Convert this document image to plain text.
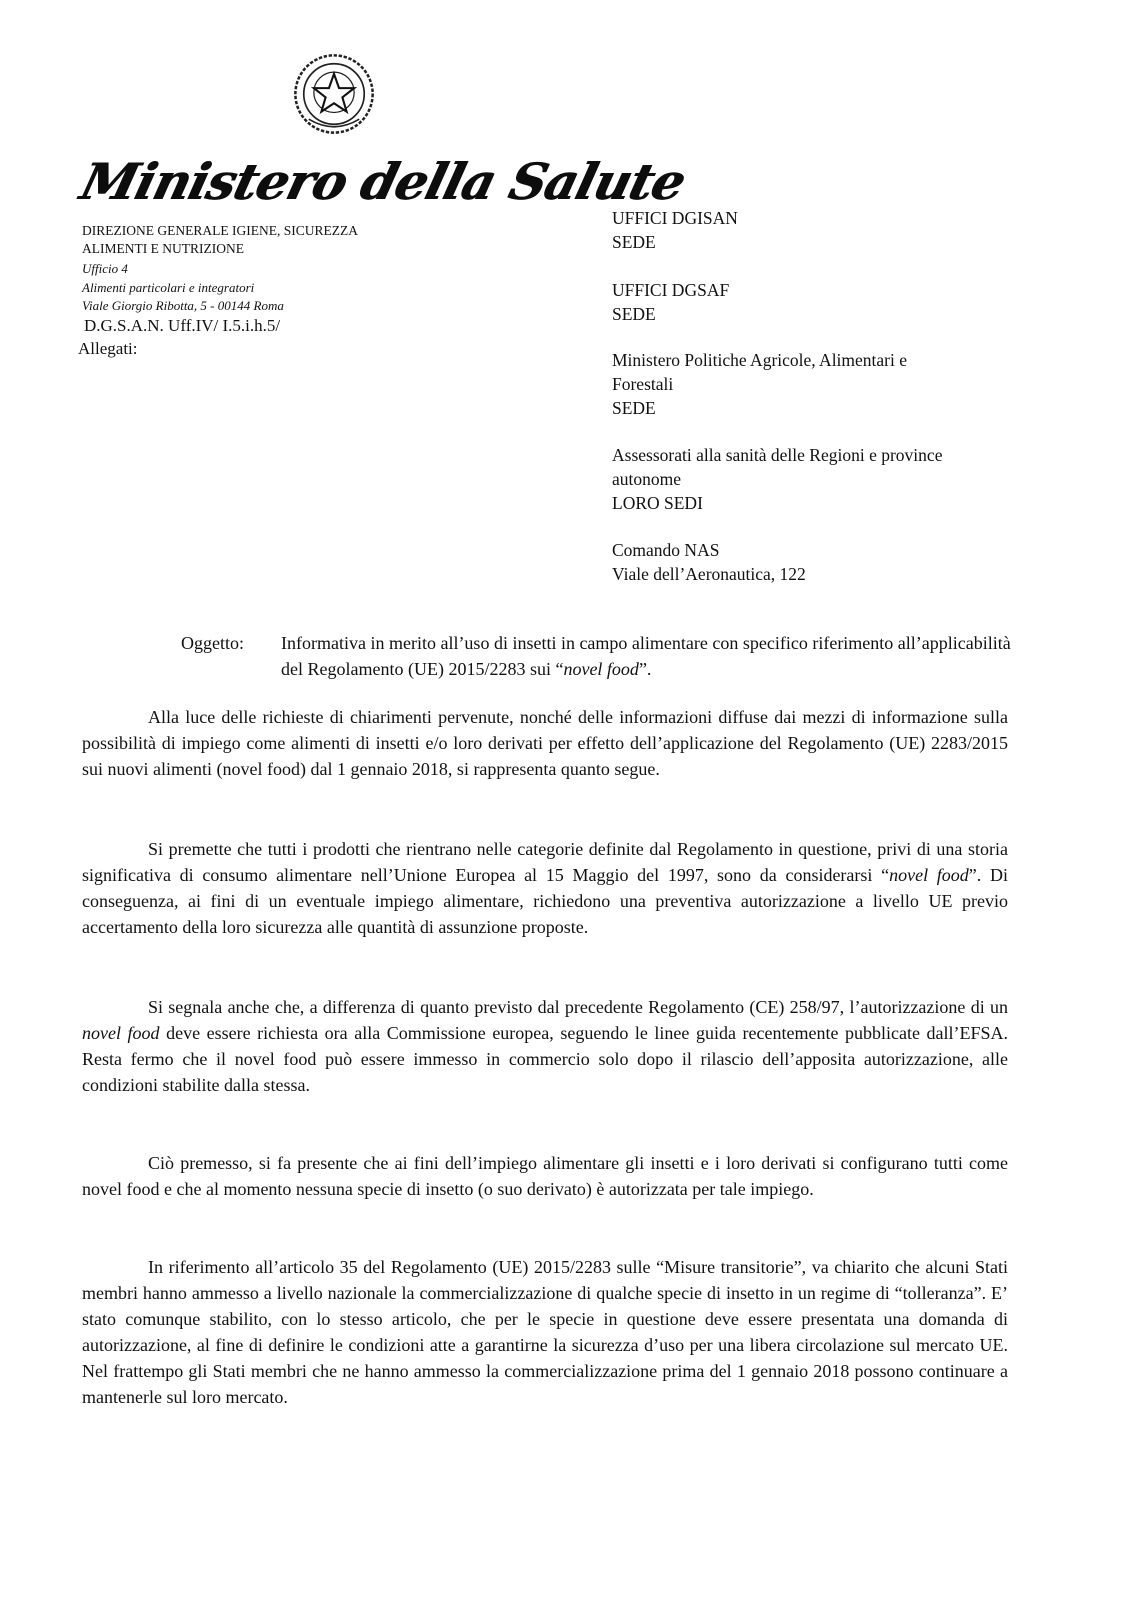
Ministero della Salute
DIREZIONE GENERALE IGIENE, SICUREZZA
ALIMENTI E NUTRIZIONE
Ufficio 4
Alimenti particolari e integratori
Viale Giorgio Ribotta, 5 - 00144 Roma
D.G.S.A.N. Uff.IV/ I.5.i.h.5/
Allegati:
UFFICI DGISAN
SEDE
UFFICI DGSAF
SEDE
Ministero Politiche Agricole, Alimentari e
Forestali
SEDE
Assessorati alla sanità delle Regioni e province
autonome
LORO SEDI
Comando NAS
Viale dell’Aeronautica, 122
Oggetto: Informativa in merito all’uso di insetti in campo alimentare con specifico riferimento all’applicabilità del Regolamento (UE) 2015/2283 sui “novel food”.
Alla luce delle richieste di chiarimenti pervenute, nonché delle informazioni diffuse dai mezzi di informazione sulla possibilità di impiego come alimenti di insetti e/o loro derivati per effetto dell’applicazione del Regolamento (UE) 2283/2015 sui nuovi alimenti (novel food) dal 1 gennaio 2018, si rappresenta quanto segue.
Si premette che tutti i prodotti che rientrano nelle categorie definite dal Regolamento in questione, privi di una storia significativa di consumo alimentare nell’Unione Europea al 15 Maggio del 1997, sono da considerarsi “novel food”. Di conseguenza, ai fini di un eventuale impiego alimentare, richiedono una preventiva autorizzazione a livello UE previo accertamento della loro sicurezza alle quantità di assunzione proposte.
Si segnala anche che, a differenza di quanto previsto dal precedente Regolamento (CE) 258/97, l’autorizzazione di un novel food deve essere richiesta ora alla Commissione europea, seguendo le linee guida recentemente pubblicate dall’EFSA. Resta fermo che il novel food può essere immesso in commercio solo dopo il rilascio dell’apposita autorizzazione, alle condizioni stabilite dalla stessa.
Ciò premesso, si fa presente che ai fini dell’impiego alimentare gli insetti e i loro derivati si configurano tutti come novel food e che al momento nessuna specie di insetto (o suo derivato) è autorizzata per tale impiego.
In riferimento all’articolo 35 del Regolamento (UE) 2015/2283 sulle “Misure transitorie”, va chiarito che alcuni Stati membri hanno ammesso a livello nazionale la commercializzazione di qualche specie di insetto in un regime di “tolleranza”. E’ stato comunque stabilito, con lo stesso articolo, che per le specie in questione deve essere presentata una domanda di autorizzazione, al fine di definire le condizioni atte a garantirne la sicurezza d’uso per una libera circolazione sul mercato UE. Nel frattempo gli Stati membri che ne hanno ammesso la commercializzazione prima del 1 gennaio 2018 possono continuare a mantenerle sul loro mercato.
